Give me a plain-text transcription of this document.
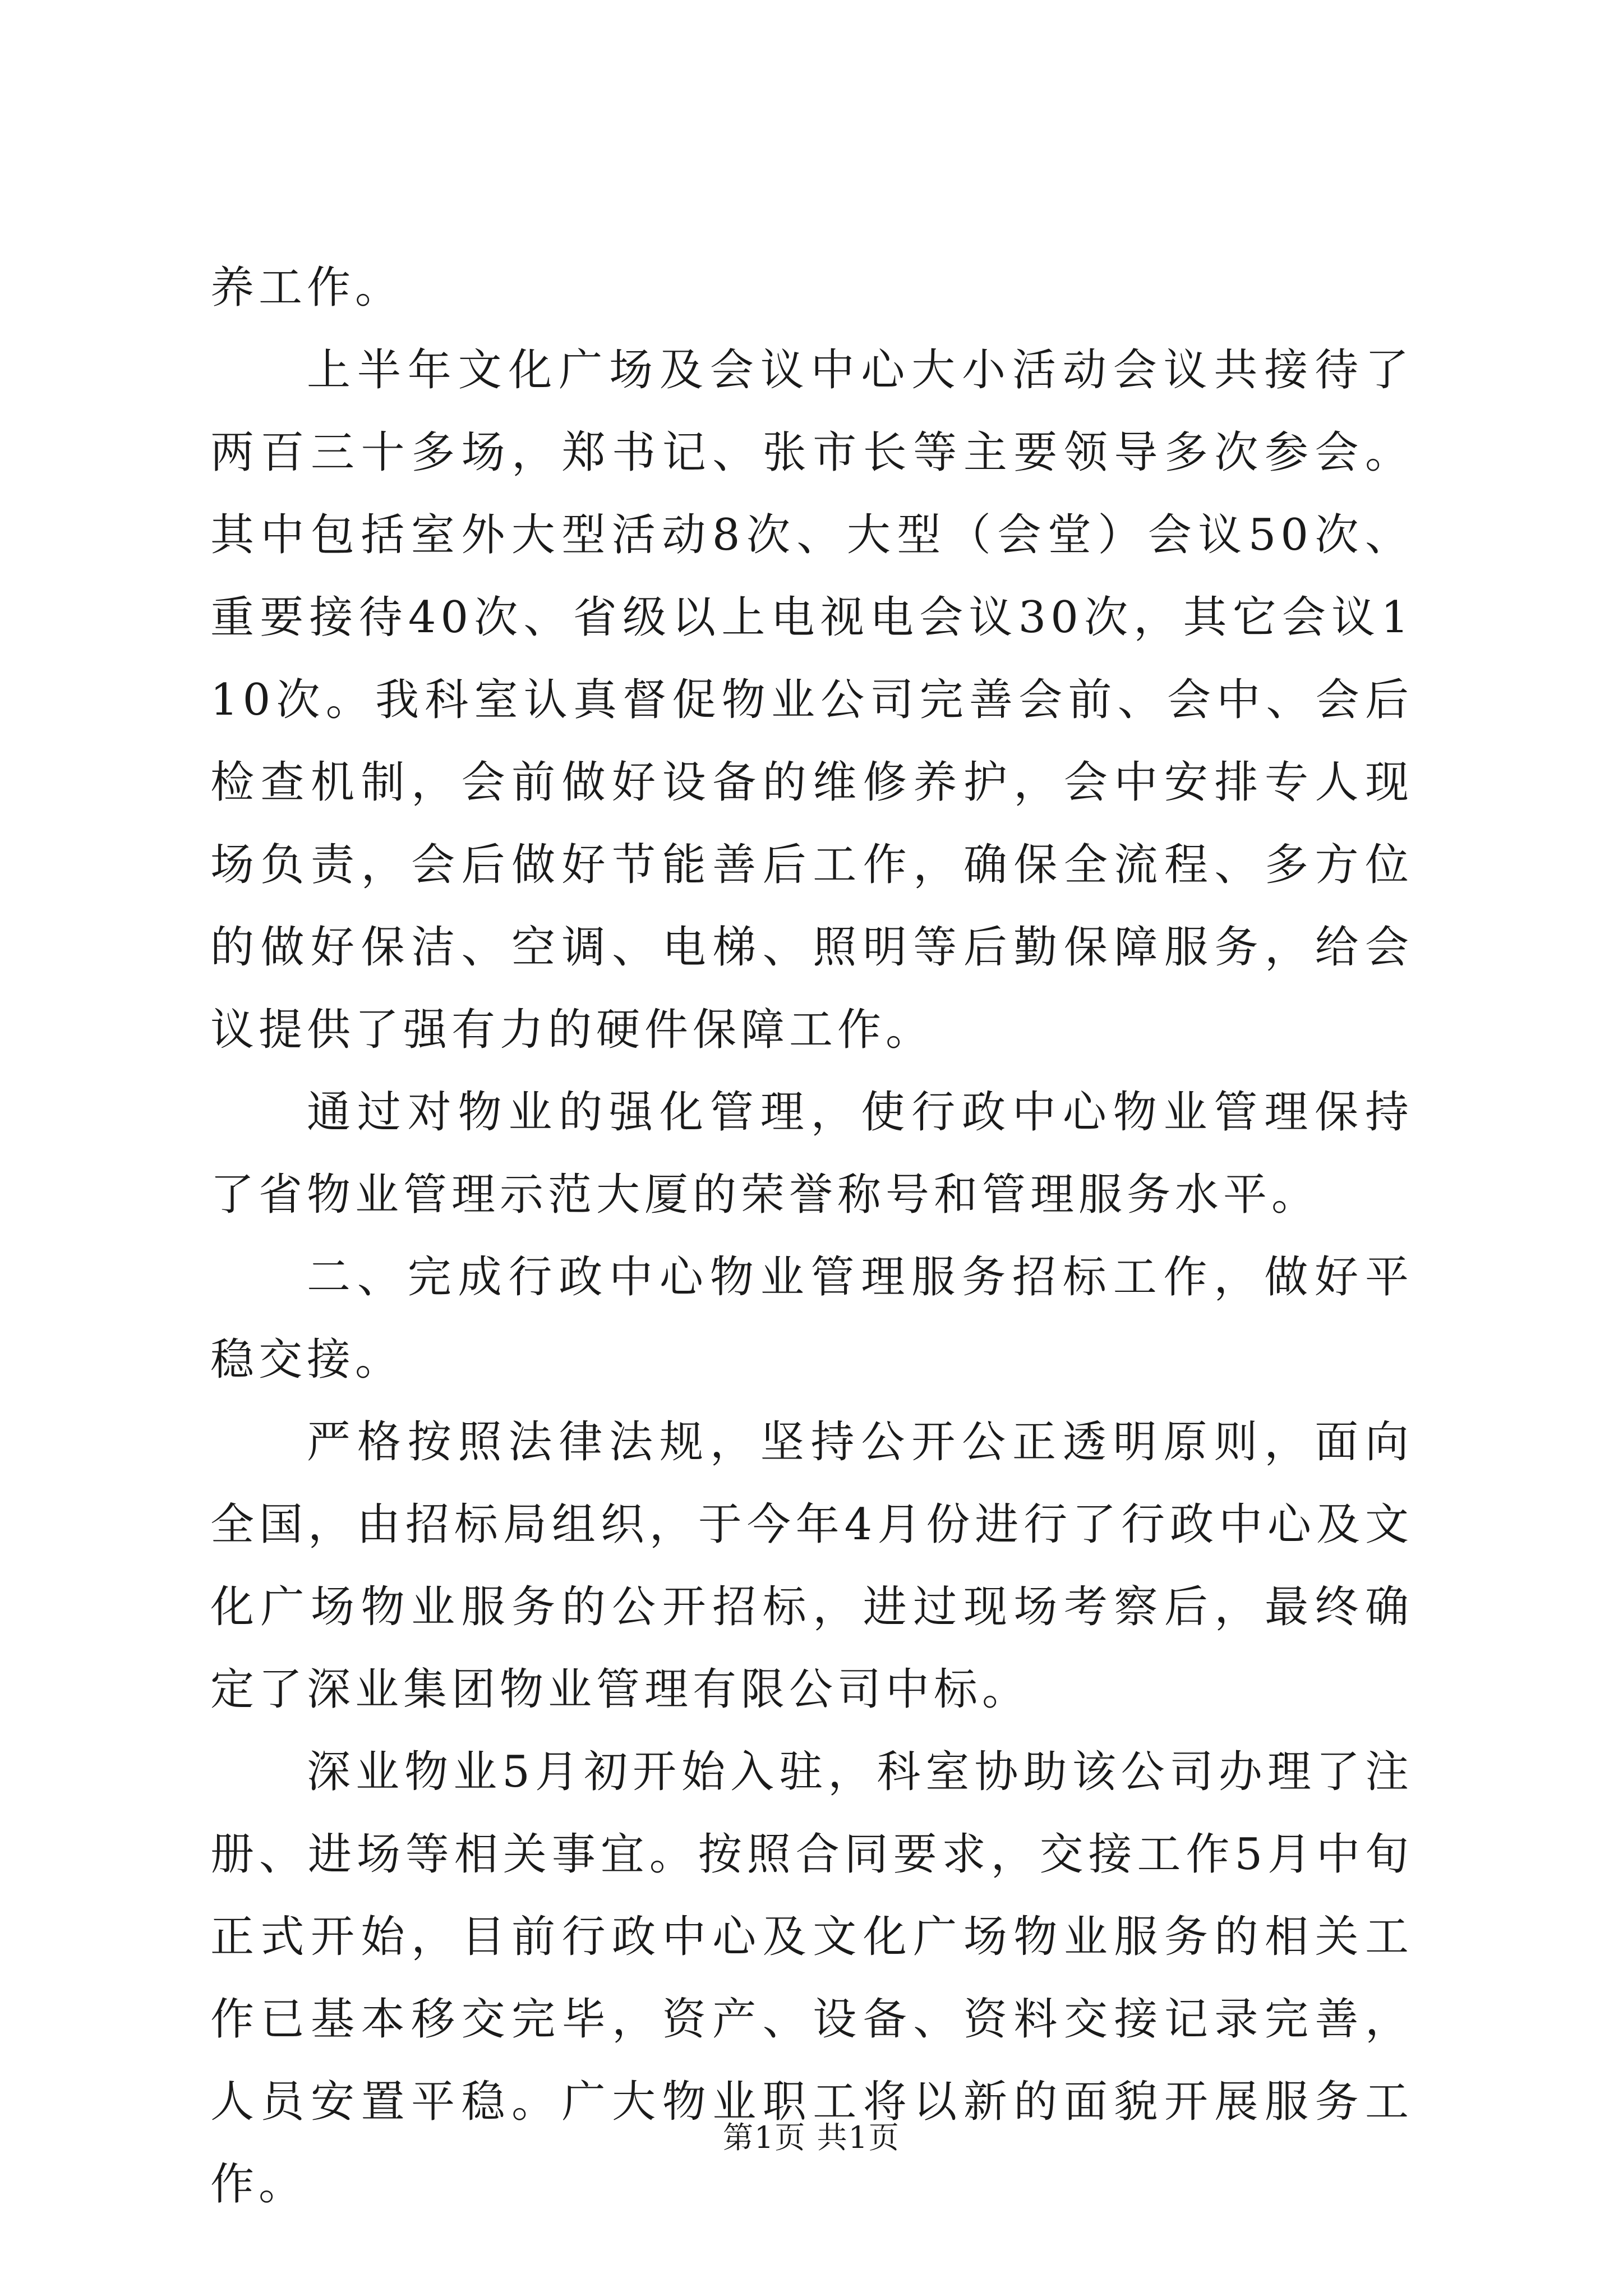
养工作。

上半年文化广场及会议中心大小活动会议共接待了两百三十多场，郑书记、张市长等主要领导多次参会。其中包括室外大型活动8次、大型（会堂）会议50次、重要接待40次、省级以上电视电会议30次，其它会议110次。我科室认真督促物业公司完善会前、会中、会后检查机制，会前做好设备的维修养护，会中安排专人现场负责，会后做好节能善后工作，确保全流程、多方位的做好保洁、空调、电梯、照明等后勤保障服务，给会议提供了强有力的硬件保障工作。

通过对物业的强化管理，使行政中心物业管理保持了省物业管理示范大厦的荣誉称号和管理服务水平。

二、完成行政中心物业管理服务招标工作，做好平稳交接。

严格按照法律法规，坚持公开公正透明原则，面向全国，由招标局组织，于今年4月份进行了行政中心及文化广场物业服务的公开招标，进过现场考察后，最终确定了深业集团物业管理有限公司中标。

深业物业5月初开始入驻，科室协助该公司办理了注册、进场等相关事宜。按照合同要求，交接工作5月中旬正式开始，目前行政中心及文化广场物业服务的相关工作已基本移交完毕，资产、设备、资料交接记录完善，人员安置平稳。广大物业职工将以新的面貌开展服务工作。

第1页 共1页
